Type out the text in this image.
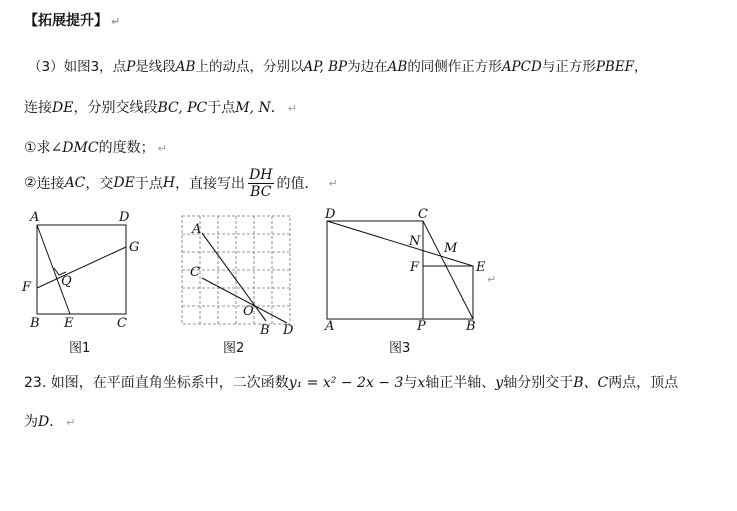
【拓展提升】 ↵
（3）如图3，点P是线段AB上的动点，分别以AP, BP为边在AB的同侧作正方形APCD与正方形PBEF，
连接DE，分别交线段BC, PC于点M, N． ↵
①求∠DMC的度数； ↵
② 连接 AC ，交 DE 于点 H ，直接写出 $\frac{DH}{BC}$ 的值． ↵
A	D
G
F Q
B E	C
图1
A
C
O
B D
图2
D	C
N M
F	E
A	P	B
图3
↵
23. 如图，在平面直角坐标系中，二次函数y₁ = x² − 2x − 3与x轴正半轴、y轴分别交于B、C两点，顶点
为D． ↵
